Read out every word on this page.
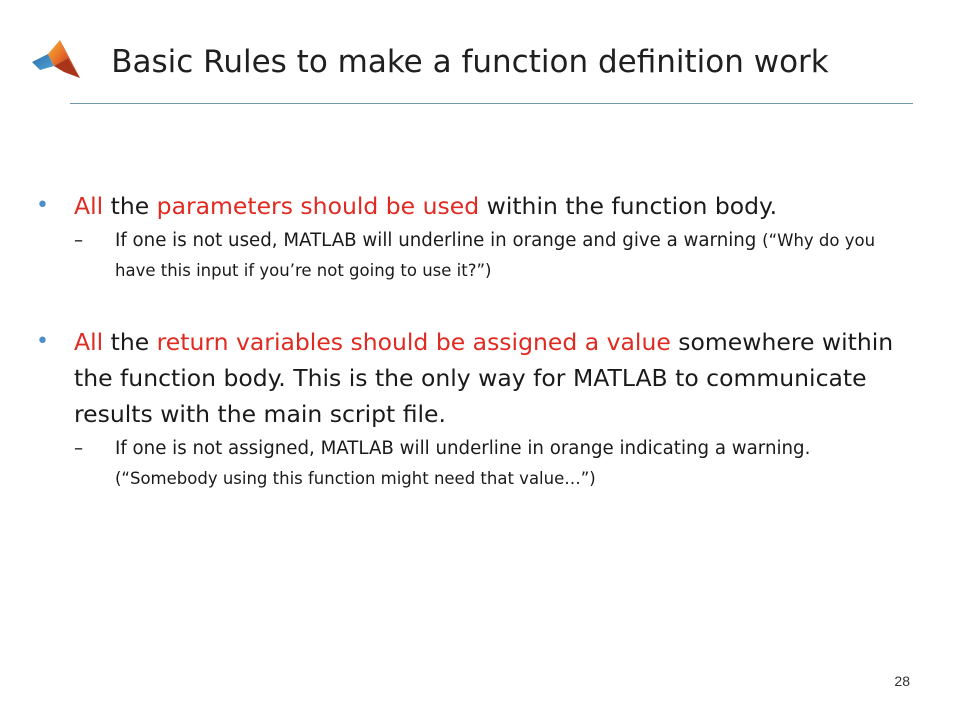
Basic Rules to make a function definition work
• All the parameters should be used within the function body.
–	If one is not used, MATLAB will underline in orange and give a warning (“Why do you have this input if you’re not going to use it?”)
• All the return variables should be assigned a value somewhere within the function body. This is the only way for MATLAB to communicate results with the main script file.
–	If one is not assigned, MATLAB will underline in orange indicating a warning. (“Somebody using this function might need that value…”)
28
